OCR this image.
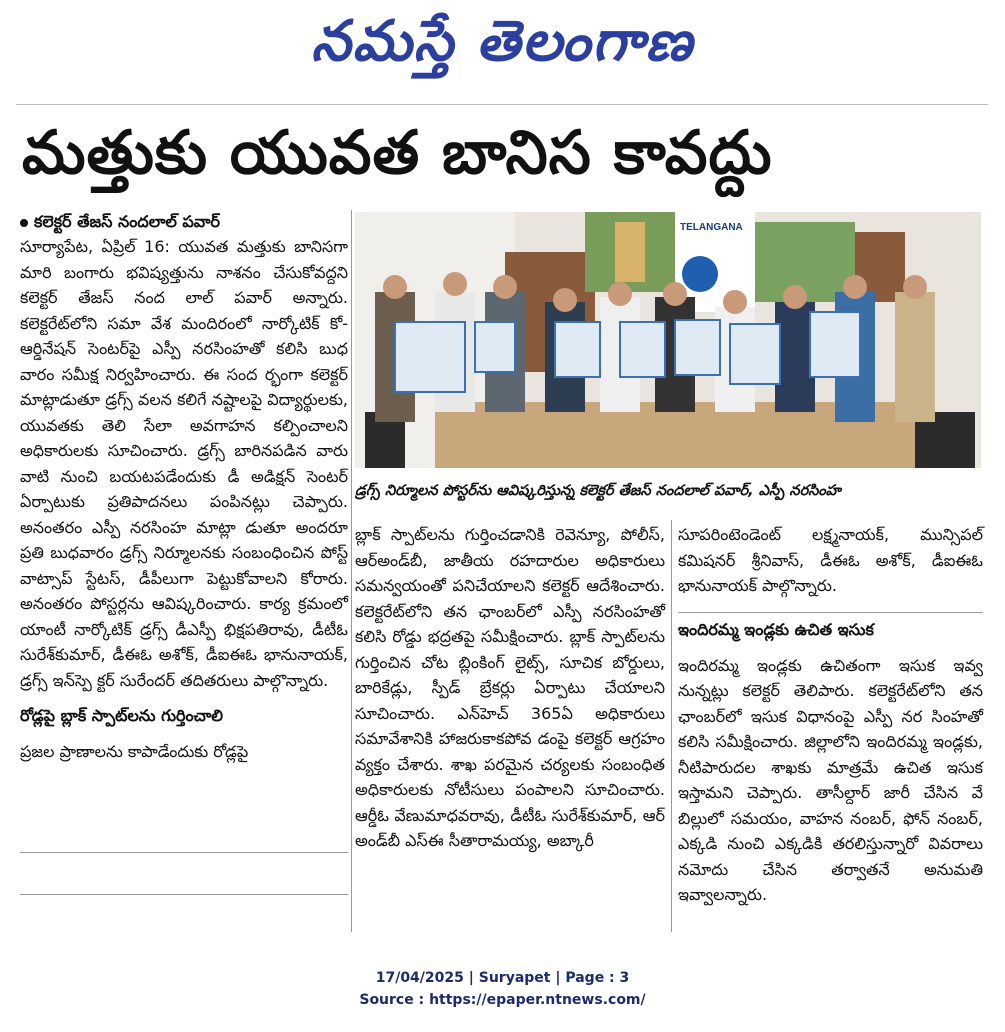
నమస్తే తెలంగాణ
మత్తుకు యువత బానిస కావద్దు
కలెక్టర్ తేజస్ నందలాల్ పవార్

సూర్యాపేట, ఏప్రిల్ 16: యువత మత్తుకు బానిసగా మారి బంగారు భవిష్యత్తును నాశనం చేసుకోవద్దని కలెక్టర్ తేజస్ నంద లాల్ పవార్ అన్నారు. కలెక్టరేట్‌లోని సమా వేశ మందిరంలో నార్కోటిక్ కో-ఆర్డినేషన్ సెంటర్‌పై ఎస్పీ నరసింహతో కలిసి బుధ వారం సమీక్ష నిర్వహించారు. ఈ సంద ర్భంగా కలెక్టర్ మాట్లాడుతూ డ్రగ్స్ వలన కలిగే నష్టాలపై విద్యార్థులకు, యువతకు తెలి సేలా అవగాహన కల్పించాలని అధికారులకు సూచించారు. డ్రగ్స్ బారినపడిన వారు వాటి నుంచి బయటపడేందుకు డీ అడిక్షన్ సెంటర్ ఏర్పాటుకు ప్రతిపాదనలు పంపినట్లు చెప్పారు. అనంతరం ఎస్పీ నరసింహ మాట్లా డుతూ అందరూ ప్రతి బుధవారం డ్రగ్స్ నిర్మూలనకు సంబంధించిన పోస్ట్ వాట్సాప్ స్టేటస్, డీపీలుగా పెట్టుకోవాలని కోరారు. అనంతరం పోస్టర్లను ఆవిష్కరించారు. కార్య క్రమంలో యాంటీ నార్కోటిక్ డ్రగ్స్ డీఎస్పీ భిక్షపతిరావు, డీటీఓ సురేశ్‌కుమార్, డీఈఓ అశోక్, డీఐఈఓ భానునాయక్, డ్రగ్స్ ఇన్‌స్పె క్టర్ సురేందర్ తదితరులు పాల్గొన్నారు.

రోడ్లపై బ్లాక్ స్పాట్‌లను గుర్తించాలి

ప్రజల ప్రాణాలను కాపాడేందుకు రోడ్లపై

TELANGANA
డ్రగ్స్ నిర్మూలన పోస్టర్‌ను ఆవిష్కరిస్తున్న కలెక్టర్ తేజస్ నందలాల్ పవార్, ఎస్పీ నరసింహ

బ్లాక్ స్పాట్‌లను గుర్తించడానికి రెవెన్యూ, పోలీస్, ఆర్అండ్‌బీ, జాతీయ రహదారుల అధికారులు సమన్వయంతో పనిచేయాలని కలెక్టర్ ఆదేశించారు. కలెక్టరేట్‌లోని తన ఛాంబర్‌లో ఎస్పీ నరసింహతో కలిసి రోడ్డు భద్రతపై సమీక్షించారు. బ్లాక్ స్పాట్‌లను గుర్తించిన చోట బ్లింకింగ్ లైట్స్, సూచిక బోర్డులు, బారికేడ్లు, స్పీడ్ బ్రేకర్లు ఏర్పాటు చేయాలని సూచించారు. ఎన్‌హెచ్ 365ఏ అధికారులు సమావేశానికి హాజరుకాకపోవ డంపై కలెక్టర్ ఆగ్రహం వ్యక్తం చేశారు. శాఖ పరమైన చర్యలకు సంబంధిత అధికారులకు నోటీసులు పంపాలని సూచించారు. ఆర్డీఓ వేణుమాధవరావు, డీటీఓ సురేశ్‌కుమార్, ఆర్ అండ్‌బీ ఎస్ఈ సీతారామయ్య, అబ్కారీ

సూపరింటెండెంట్ లక్ష్మనాయక్, మున్సిపల్ కమిషనర్ శ్రీనివాస్, డీఈఓ అశోక్, డీఐఈఓ భానునాయక్ పాల్గొన్నారు.

ఇందిరమ్మ ఇండ్లకు ఉచిత ఇసుక

ఇందిరమ్మ ఇండ్లకు ఉచితంగా ఇసుక ఇవ్వ నున్నట్లు కలెక్టర్ తెలిపారు. కలెక్టరేట్‌లోని తన ఛాంబర్‌లో ఇసుక విధానంపై ఎస్పీ నర సింహతో కలిసి సమీక్షించారు. జిల్లాలోని ఇందిరమ్మ ఇండ్లకు, నీటిపారుదల శాఖకు మాత్రమే ఉచిత ఇసుక ఇస్తామని చెప్పారు. తాసీల్దార్ జారీ చేసిన వే బిల్లులో సమయం, వాహన నంబర్, ఫోన్ నంబర్, ఎక్కడి నుంచి ఎక్కడికి తరలిస్తున్నారో వివరాలు నమోదు చేసిన తర్వాతనే అనుమతి ఇవ్వాలన్నారు.

17/04/2025 | Suryapet | Page : 3
Source : https://epaper.ntnews.com/
